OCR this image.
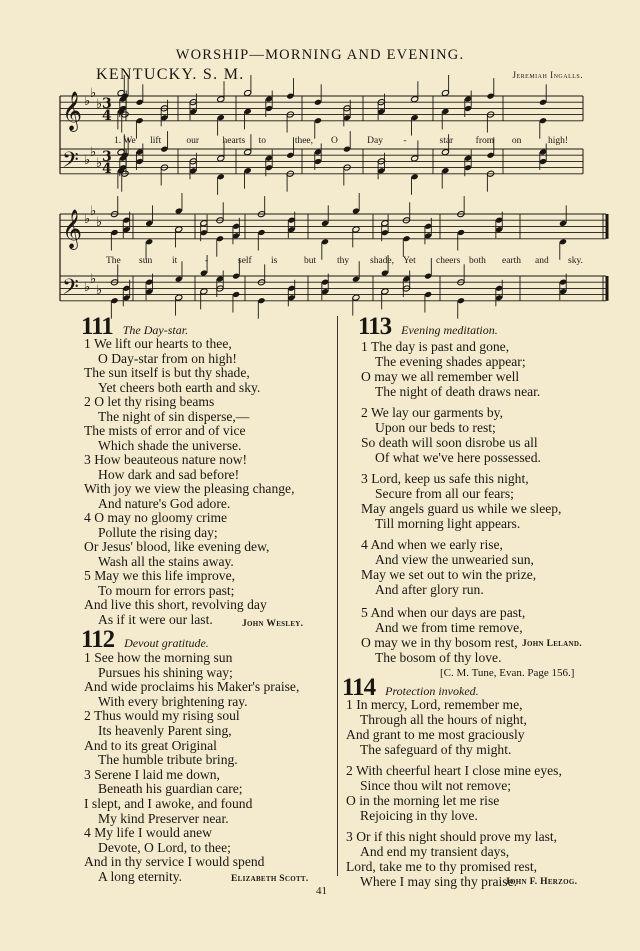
WORSHIP—MORNING AND EVENING.
KENTUCKY. S. M.	Jeremiah Ingalls.
𝄞
𝄢
♭
♭
♭
♭
♭
♭
3
4
3
4
𝄞
𝄢
♭
♭
♭
♭
♭
♭
1. We lift	our hearts to	thee, O	Day -	star from on	high!
The sun it	-	self is	but thy shade, Yet cheers both earth and sky.
111 The Day-star.
1 We lift our hearts to thee,
O Day-star from on high!
The sun itself is but thy shade,
Yet cheers both earth and sky.
2 O let thy rising beams
The night of sin disperse,—
The mists of error and of vice
Which shade the universe.
3 How beauteous nature now!
How dark and sad before!
With joy we view the pleasing change,
And nature's God adore.
4 O may no gloomy crime
Pollute the rising day;
Or Jesus' blood, like evening dew,
Wash all the stains away.
5 May we this life improve,
To mourn for errors past;
And live this short, revolving day
As if it were our last.	John Wesley.
112 Devout gratitude.
1 See how the morning sun
Pursues his shining way;
And wide proclaims his Maker's praise,
With every brightening ray.
2 Thus would my rising soul
Its heavenly Parent sing,
And to its great Original
The humble tribute bring.
3 Serene I laid me down,
Beneath his guardian care;
I slept, and I awoke, and found
My kind Preserver near.
4 My life I would anew
Devote, O Lord, to thee;
And in thy service I would spend
A long eternity.	Elizabeth Scott.
113 Evening meditation.
1 The day is past and gone,
The evening shades appear;
O may we all remember well
The night of death draws near.
2 We lay our garments by,
Upon our beds to rest;
So death will soon disrobe us all
Of what we've here possessed.
3 Lord, keep us safe this night,
Secure from all our fears;
May angels guard us while we sleep,
Till morning light appears.
4 And when we early rise,
And view the unwearied sun,
May we set out to win the prize,
And after glory run.
5 And when our days are past,
And we from time remove,
O may we in thy bosom rest,
The bosom of thy love.
John Leland.
[C. M. Tune, Evan. Page 156.]
114 Protection invoked.
1 In mercy, Lord, remember me,
Through all the hours of night,
And grant to me most graciously
The safeguard of thy might.
2 With cheerful heart I close mine eyes,
Since thou wilt not remove;
O in the morning let me rise
Rejoicing in thy love.
3 Or if this night should prove my last,
And end my transient days,
Lord, take me to thy promised rest,
Where I may sing thy praise.
John F. Herzog.
41
